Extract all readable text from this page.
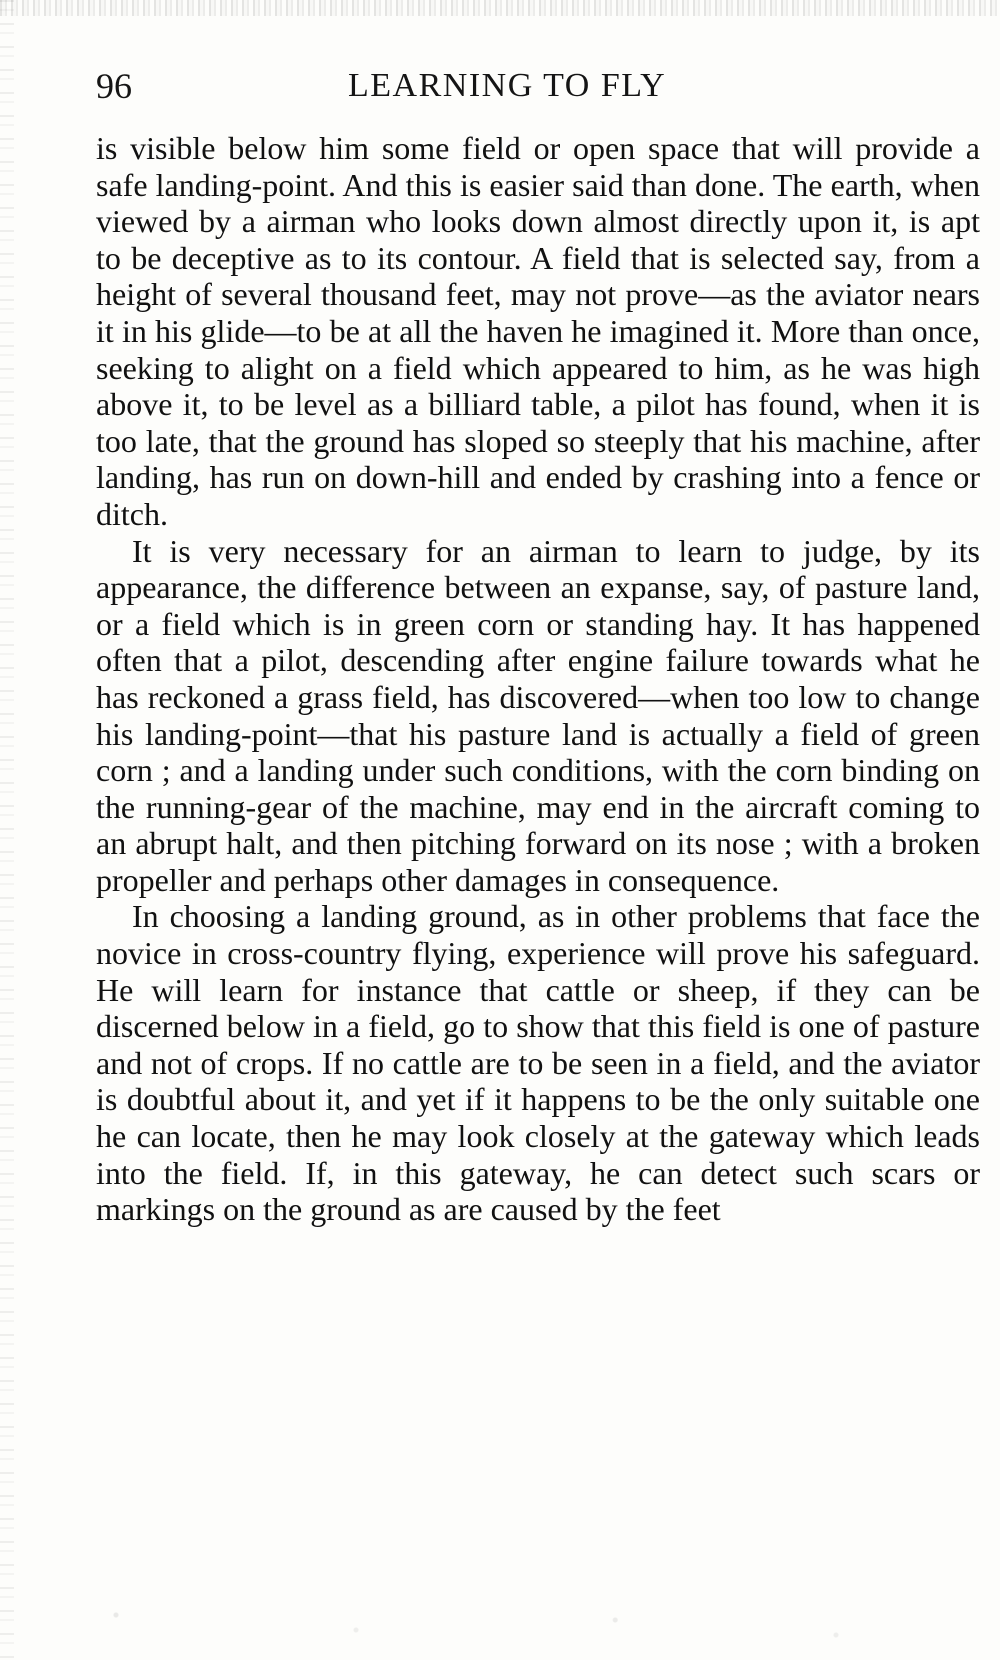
96	LEARNING TO FLY

is visible below him some field or open space that will provide a safe landing-point. And this is easier said than done. The earth, when viewed by a airman who looks down almost directly upon it, is apt to be deceptive as to its contour. A field that is selected say, from a height of several thousand feet, may not prove—as the aviator nears it in his glide—to be at all the haven he imagined it. More than once, seeking to alight on a field which appeared to him, as he was high above it, to be level as a billiard table, a pilot has found, when it is too late, that the ground has sloped so steeply that his machine, after landing, has run on down-hill and ended by crashing into a fence or ditch.

It is very necessary for an airman to learn to judge, by its appearance, the difference between an expanse, say, of pasture land, or a field which is in green corn or standing hay. It has happened often that a pilot, descending after engine failure towards what he has reckoned a grass field, has discovered—when too low to change his landing-point—that his pasture land is actually a field of green corn ; and a landing under such conditions, with the corn binding on the running-gear of the machine, may end in the aircraft coming to an abrupt halt, and then pitching forward on its nose ; with a broken propeller and perhaps other damages in consequence.

In choosing a landing ground, as in other problems that face the novice in cross-country flying, experience will prove his safeguard. He will learn for instance that cattle or sheep, if they can be discerned below in a field, go to show that this field is one of pasture and not of crops. If no cattle are to be seen in a field, and the aviator is doubtful about it, and yet if it happens to be the only suitable one he can locate, then he may look closely at the gateway which leads into the field. If, in this gateway, he can detect such scars or markings on the ground as are caused by the feet
